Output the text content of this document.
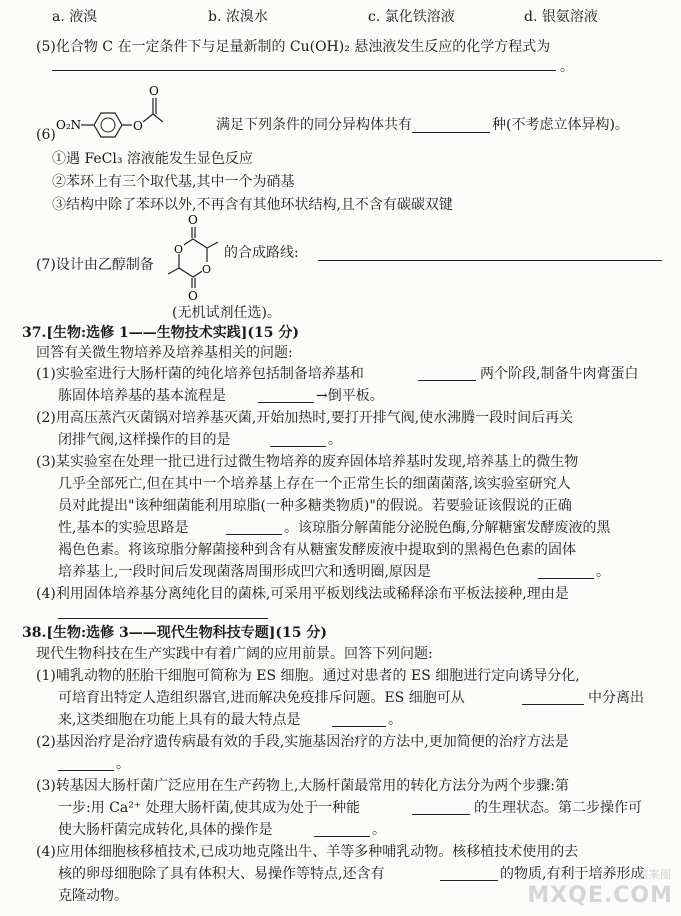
a. 液溴	b. 浓溴水	c. 氯化铁溶液	d. 银氨溶液
(5)化合物 C 在一定条件下与足量新制的 Cu(OH)₂ 悬浊液发生反应的化学方程式为
。
(6)
O₂N	O
O
满足下列条件的同分异构体共有	种(不考虑立体异构)。
①遇 FeCl₃ 溶液能发生显色反应
②苯环上有三个取代基,其中一个为硝基
③结构中除了苯环以外,不再含有其他环状结构,且不含有碳碳双键
(7)设计由乙醇制备
O
O
O
O
的合成路线:
(无机试剂任选)。
37.[生物:选修 1——生物技术实践](15 分)
回答有关微生物培养及培养基相关的问题:
(1)实验室进行大肠杆菌的纯化培养包括制备培养基和	两个阶段,制备牛肉膏蛋白
胨固体培养基的基本流程是	→倒平板。
(2)用高压蒸汽灭菌锅对培养基灭菌,开始加热时,要打开排气阀,使水沸腾一段时间后再关
闭排气阀,这样操作的目的是	。
(3)某实验室在处理一批已进行过微生物培养的废弃固体培养基时发现,培养基上的微生物
几乎全部死亡,但在其中一个培养基上存在一个正常生长的细菌菌落,该实验室研究人
员对此提出"该种细菌能利用琼脂(一种多糖类物质)"的假说。若要验证该假说的正确
性,基本的实验思路是	。该琼脂分解菌能分泌脱色酶,分解糖蜜发酵废液的黑
褐色色素。将该琼脂分解菌接种到含有从糖蜜发酵废液中提取到的黑褐色色素的固体
培养基上,一段时间后发现菌落周围形成凹穴和透明圈,原因是	。
(4)利用固体培养基分离纯化目的菌株,可采用平板划线法或稀释涂布平板法接种,理由是
38.[生物:选修 3——现代生物科技专题](15 分)
现代生物科技在生产实践中有着广阔的应用前景。回答下列问题:
(1)哺乳动物的胚胎干细胞可简称为 ES 细胞。通过对患者的 ES 细胞进行定向诱导分化,
可培育出特定人造组织器官,进而解决免疫排斥问题。ES 细胞可从	中分离出
来,这类细胞在功能上具有的最大特点是	。
(2)基因治疗是治疗遗传病最有效的手段,实施基因治疗的方法中,更加简便的治疗方法是
。
(3)转基因大肠杆菌广泛应用在生产药物上,大肠杆菌最常用的转化方法分为两个步骤:第
一步:用 Ca²⁺ 处理大肠杆菌,使其成为处于一种能	的生理状态。第二步操作可
使大肠杆菌完成转化,具体的操作是	。
(4)应用体细胞核移植技术,已成功地克隆出牛、羊等多种哺乳动物。核移植技术使用的去
核的卵母细胞除了具有体积大、易操作等特点,还含有	的物质,有利于培养形成
克隆动物。
答案圈
MXQE.COM
